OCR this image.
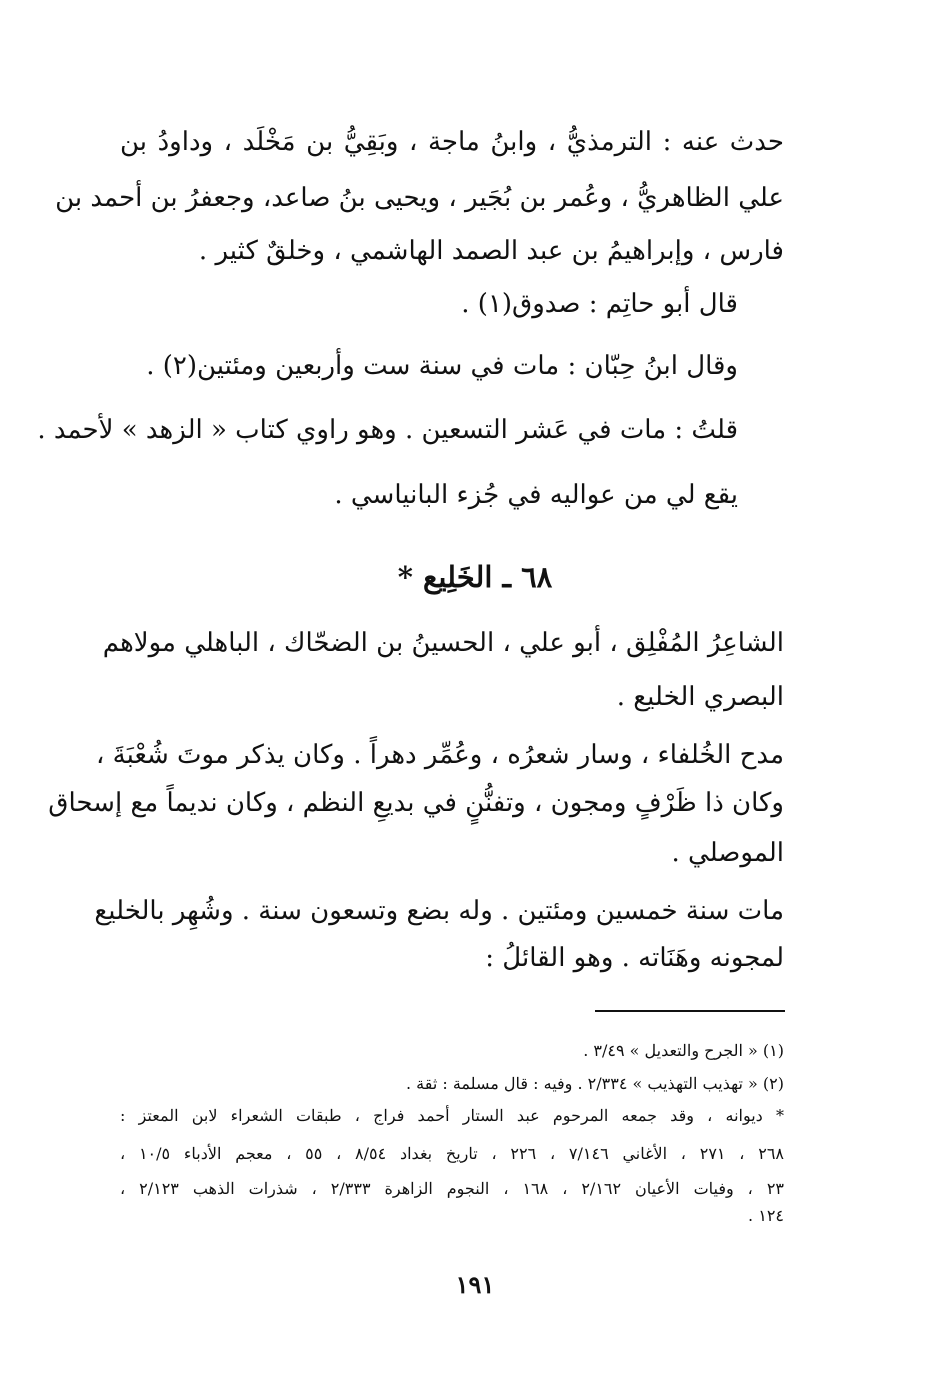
حدث عنه : الترمذيُّ ، وابنُ ماجة ، وبَقِيُّ بن مَخْلَد ، وداودُ بن
علي الظاهريُّ ، وعُمر بن بُجَير ، ويحيى بنُ صاعد، وجعفرُ بن أحمد بن
فارس ، وإبراهيمُ بن عبد الصمد الهاشمي ، وخلقٌ كثير .
قال أبو حاتِم : صدوق(١) .
وقال ابنُ حِبّان : مات في سنة ست وأربعين ومئتين(٢) .
قلتُ : مات في عَشر التسعين . وهو راوي كتاب « الزهد » لأحمد .
يقع لي من عواليه في جُزء البانياسي .
٦٨ ـ الخَلِيع *
الشاعِرُ المُفْلِق ، أبو علي ، الحسينُ بن الضحّاك ، الباهلي مولاهم
البصري الخليع .
مدح الخُلفاء ، وسار شعرُه ، وعُمِّر دهراً . وكان يذكر موتَ شُعْبَةَ ،
وكان ذا ظَرْفٍ ومجون ، وتفنُّنٍ في بديعِ النظم ، وكان نديماً مع إسحاق
الموصلي .
مات سنة خمسين ومئتين . وله بضع وتسعون سنة . وشُهِر بالخليع
لمجونه وهَنَاته . وهو القائلُ :
(١) « الجرح والتعديل » ٣/٤٩ .
(٢) « تهذيب التهذيب » ٢/٣٣٤ . وفيه : قال مسلمة : ثقة .
* ديوانه ، وقد جمعه المرحوم عبد الستار أحمد فراج ، طبقات الشعراء لابن المعتز :
٢٦٨ ، ٢٧١ ، الأغاني ٧/١٤٦ ، ٢٢٦ ، تاريخ بغداد ٨/٥٤ ، ٥٥ ، معجم الأدباء ١٠/٥ ،
٢٣ ، وفيات الأعيان ٢/١٦٢ ، ١٦٨ ، النجوم الزاهرة ٢/٣٣٣ ، شذرات الذهب ٢/١٢٣ ،
١٢٤ .
١٩١
